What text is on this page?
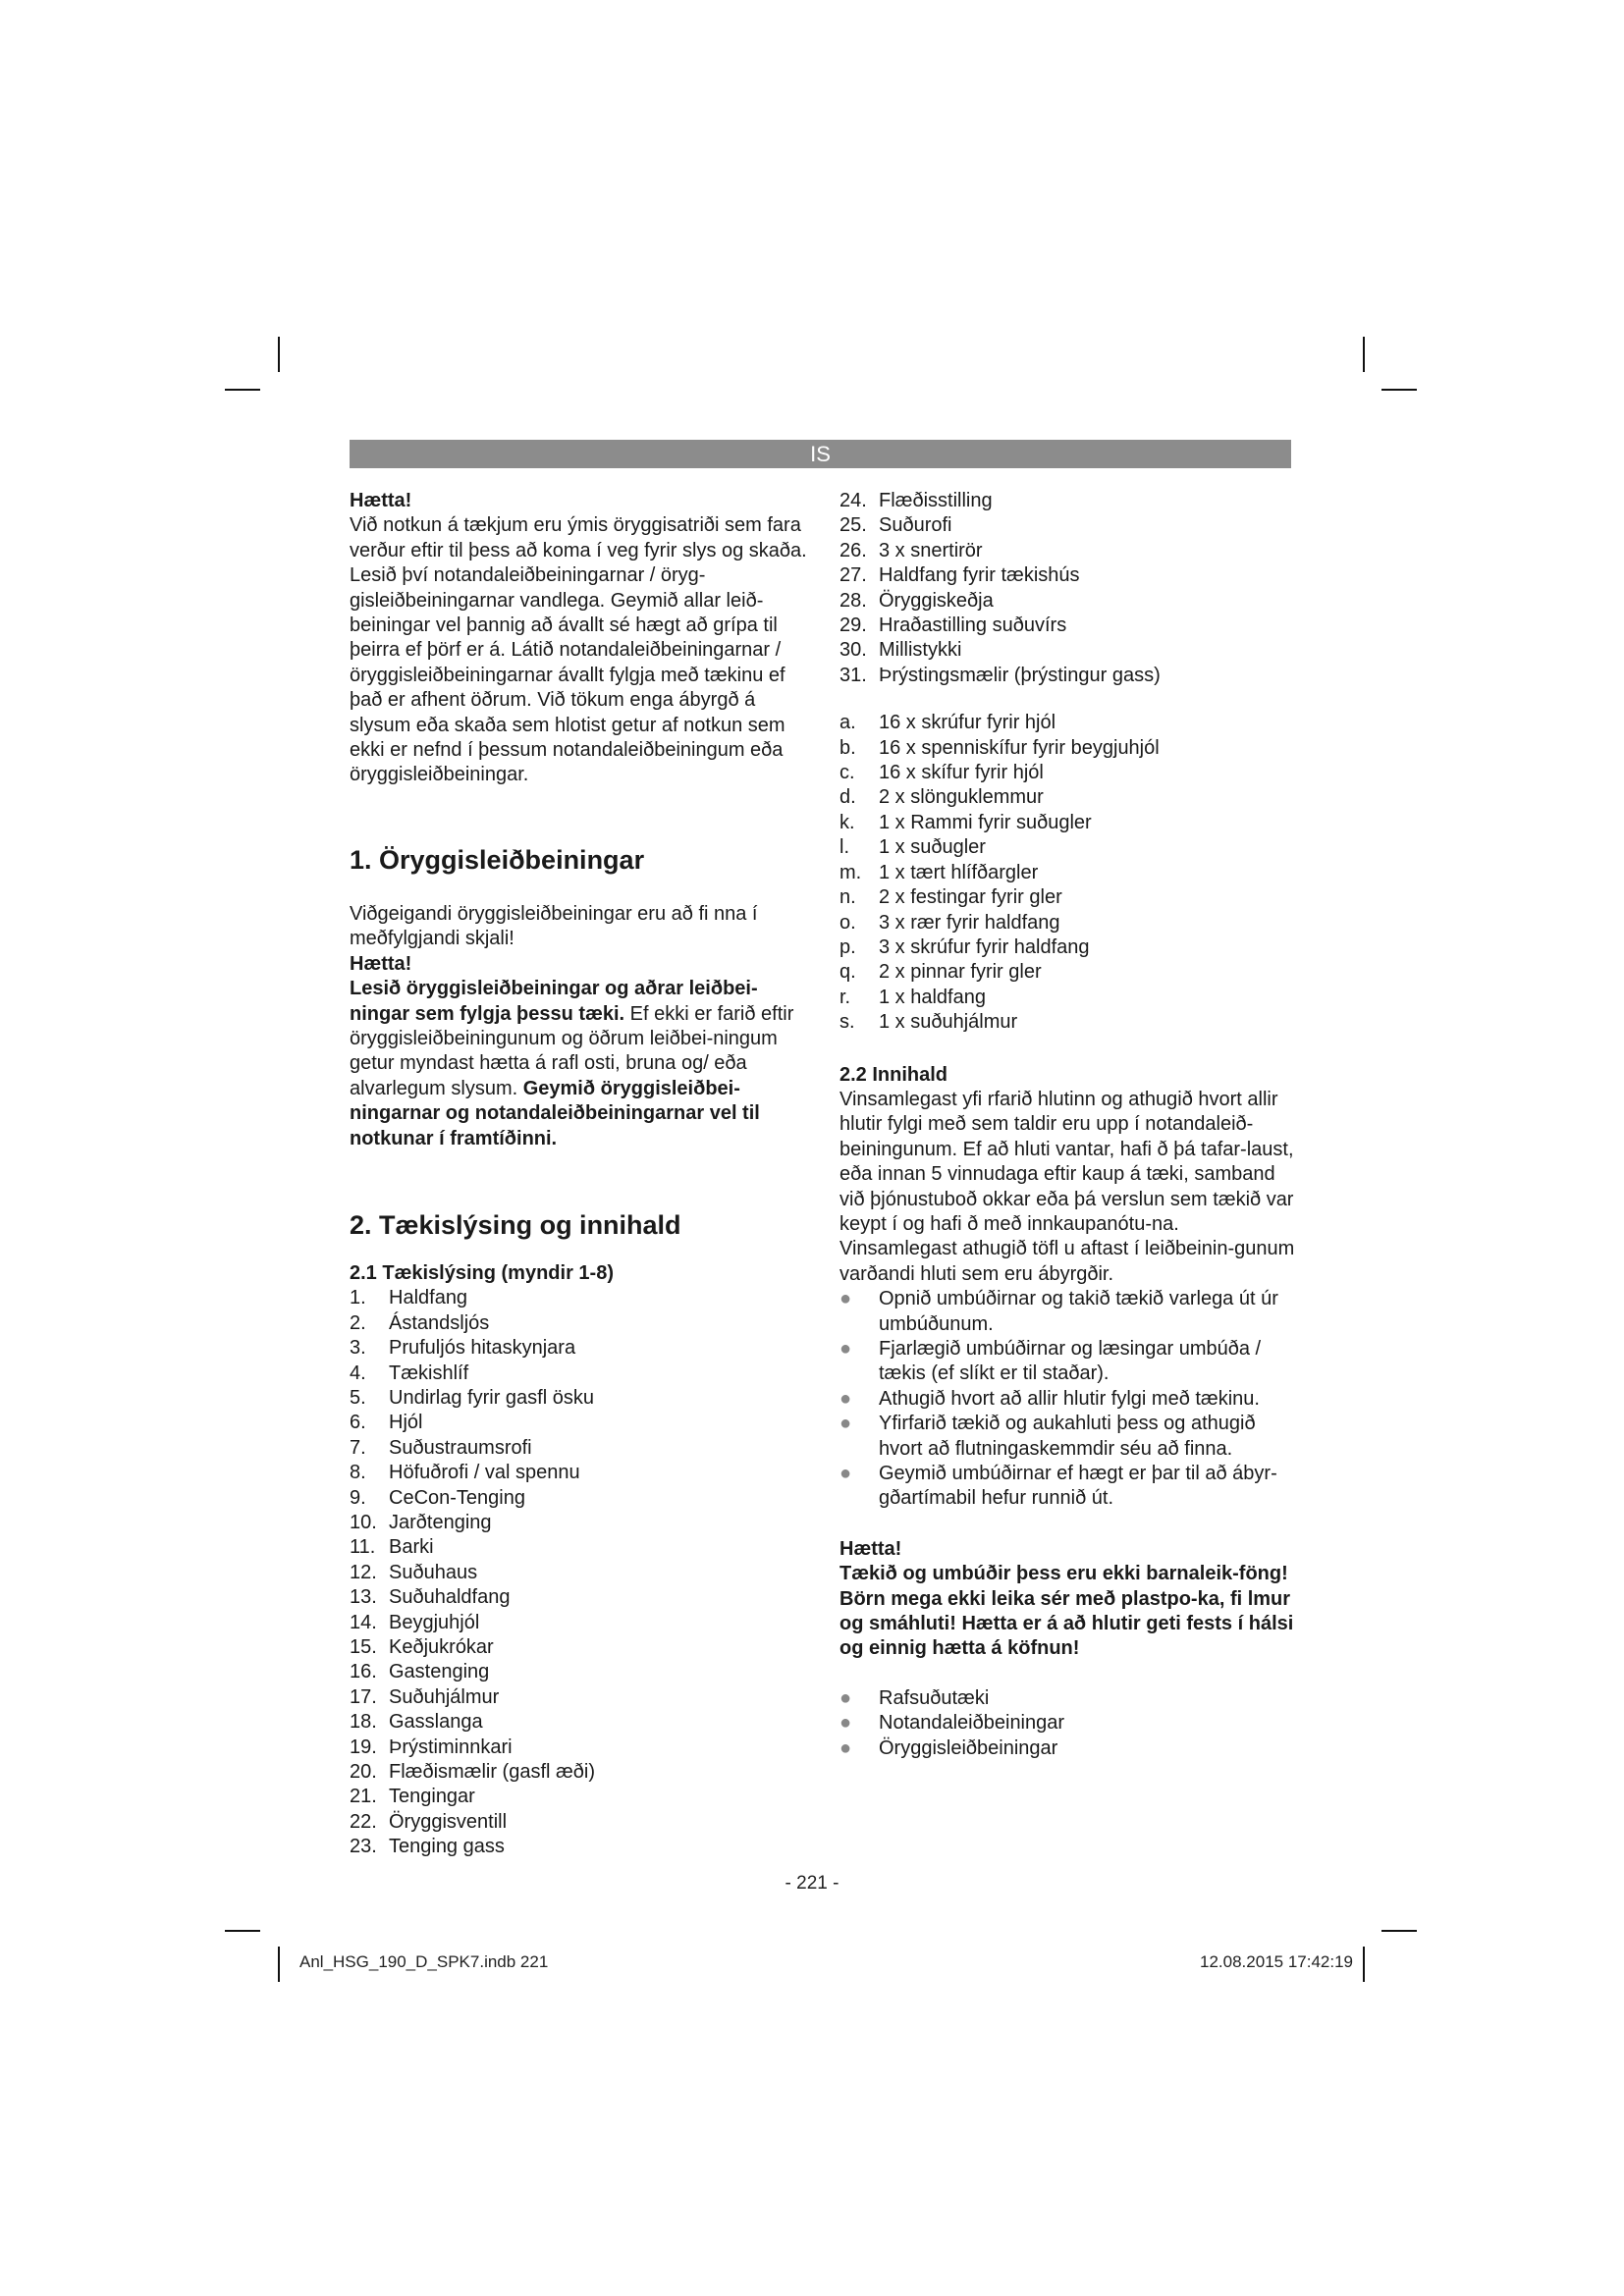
IS

Hætta!

Við notkun á tækjum eru ýmis öryggisatriði sem fara verður eftir til þess að koma í veg fyrir slys og skaða. Lesið því notandaleiðbeiningarnar / öryg-gisleiðbeiningarnar vandlega. Geymið allar leið-beiningar vel þannig að ávallt sé hægt að grípa til þeirra ef þörf er á. Látið notandaleiðbeiningarnar / öryggisleiðbeiningarnar ávallt fylgja með tækinu ef það er afhent öðrum. Við tökum enga ábyrgð á slysum eða skaða sem hlotist getur af notkun sem ekki er nefnd í þessum notandaleiðbeiningum eða öryggisleiðbeiningar.

1. Öryggisleiðbeiningar

Viðgeigandi öryggisleiðbeiningar eru að fi nna í meðfylgjandi skjali!

Hætta!

Lesið öryggisleiðbeiningar og aðrar leiðbei-ningar sem fylgja þessu tæki. Ef ekki er farið eftir öryggisleiðbeiningunum og öðrum leiðbei-ningum getur myndast hætta á rafl osti, bruna og/ eða alvarlegum slysum. Geymið öryggisleiðbei-ningarnar og notandaleiðbeiningarnar vel til notkunar í framtíðinni.

2. Tækislýsing og innihald
2.1 Tækislýsing (myndir 1-8)
1.	Haldfang
2.	Ástandsljós
3.	Prufuljós hitaskynjara
4.	Tækishlíf
5.	Undirlag fyrir gasfl ösku
6.	Hjól
7.	Suðustraumsrofi
8.	Höfuðrofi / val spennu
9.	CeCon-Tenging
10. Jarðtenging
11. Barki
12. Suðuhaus
13. Suðuhaldfang
14. Beygjuhjól
15. Keðjukrókar
16. Gastenging
17. Suðuhjálmur
18. Gasslanga
19. Þrýstiminnkari
20. Flæðismælir (gasfl æði)
21. Tengingar
22. Öryggisventill
23. Tenging gass
24. Flæðisstilling
25. Suðurofi
26. 3 x snertirör
27. Haldfang fyrir tækishús
28. Öryggiskeðja
29. Hraðastilling suðuvírs
30. Millistykki
31. Þrýstingsmælir (þrýstingur gass)
a.	16 x skrúfur fyrir hjól
b.	16 x spenniskífur fyrir beygjuhjól
c.	16 x skífur fyrir hjól
d.	2 x slönguklemmur
k.	1 x Rammi fyrir suðugler
l.	1 x suðugler
m. 1 x tært hlífðargler
n.	2 x festingar fyrir gler
o.	3 x rær fyrir haldfang
p.	3 x skrúfur fyrir haldfang
q.	2 x pinnar fyrir gler
r.	1 x haldfang
s.	1 x suðuhjálmur
2.2 Innihald

Vinsamlegast yfi rfarið hlutinn og athugið hvort allir hlutir fylgi með sem taldir eru upp í notandaleið-beiningunum. Ef að hluti vantar, hafi ð þá tafar-laust, eða innan 5 vinnudaga eftir kaup á tæki, samband við þjónustuboð okkar eða þá verslun sem tækið var keypt í og hafi ð með innkaupanótu-na. Vinsamlegast athugið töfl u aftast í leiðbeinin-gunum varðandi hluti sem eru ábyrgðir.

● Opnið umbúðirnar og takið tækið varlega út úr umbúðunum.
● Fjarlægið umbúðirnar og læsingar umbúða / tækis (ef slíkt er til staðar).
● Athugið hvort að allir hlutir fylgi með tækinu.
● Yfirfarið tækið og aukahluti þess og athugið hvort að flutningaskemmdir séu að finna.
● Geymið umbúðirnar ef hægt er þar til að ábyr-gðartímabil hefur runnið út.

Hætta!

Tækið og umbúðir þess eru ekki barnaleik-föng! Börn mega ekki leika sér með plastpo-ka, fi lmur og smáhluti! Hætta er á að hlutir geti fests í hálsi og einnig hætta á köfnun!

● Rafsuðutæki
● Notandaleiðbeiningar
● Öryggisleiðbeiningar
- 221 -
Anl_HSG_190_D_SPK7.indb 221	12.08.2015 17:42:19
